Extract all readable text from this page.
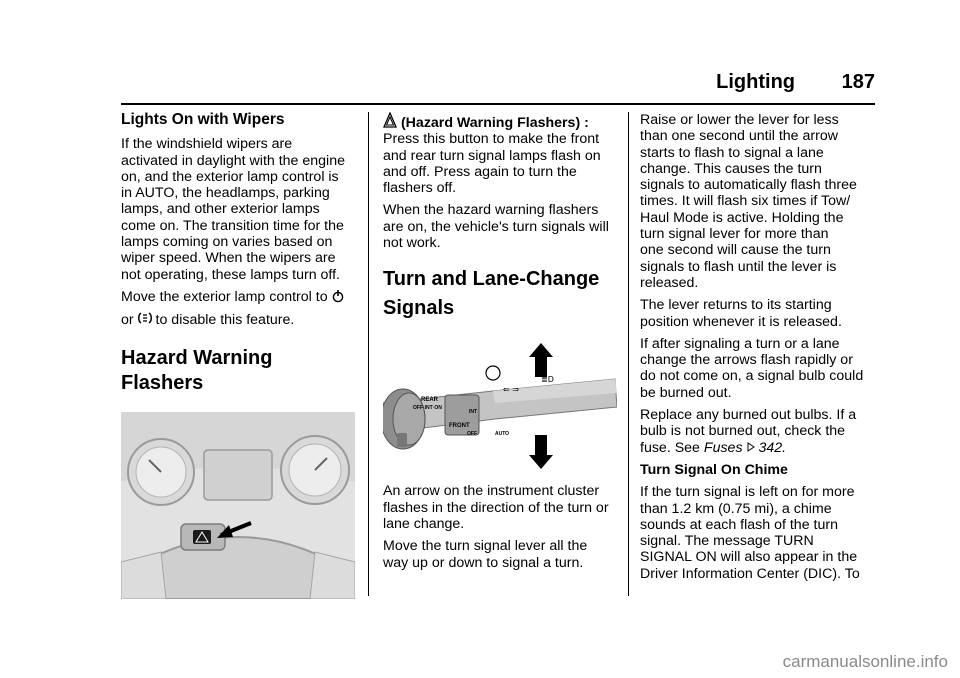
Lighting 187
Lights On with Wipers

If the windshield wipers are
activated in daylight with the engine
on, and the exterior lamp control is
in AUTO, the headlamps, parking
lamps, and other exterior lamps
come on. The transition time for the
lamps coming on varies based on
wiper speed. When the wipers are
not operating, these lamps turn off.

Move the exterior lamp control to
or to disable this feature.

Hazard Warning Flashers

(Hazard Warning Flashers) :
Press this button to make the front
and rear turn signal lamps flash on
and off. Press again to turn the
flashers off.

When the hazard warning flashers
are on, the vehicle's turn signals will
not work.

Turn and Lane-Change
Signals
REAR
OFF·INT·ON
FRONT
INT
OFF	AUTO
⇐ ⇒
≣D

An arrow on the instrument cluster
flashes in the direction of the turn or
lane change.

Move the turn signal lever all the
way up or down to signal a turn.

Raise or lower the lever for less
than one second until the arrow
starts to flash to signal a lane
change. This causes the turn
signals to automatically flash three
times. It will flash six times if Tow/
Haul Mode is active. Holding the
turn signal lever for more than
one second will cause the turn
signals to flash until the lever is
released.

The lever returns to its starting
position whenever it is released.

If after signaling a turn or a lane
change the arrows flash rapidly or
do not come on, a signal bulb could
be burned out.

Replace any burned out bulbs. If a
bulb is not burned out, check the
fuse. See Fuses 342.

Turn Signal On Chime

If the turn signal is left on for more
than 1.2 km (0.75 mi), a chime
sounds at each flash of the turn
signal. The message TURN
SIGNAL ON will also appear in the
Driver Information Center (DIC). To

carmanualsonline.info
